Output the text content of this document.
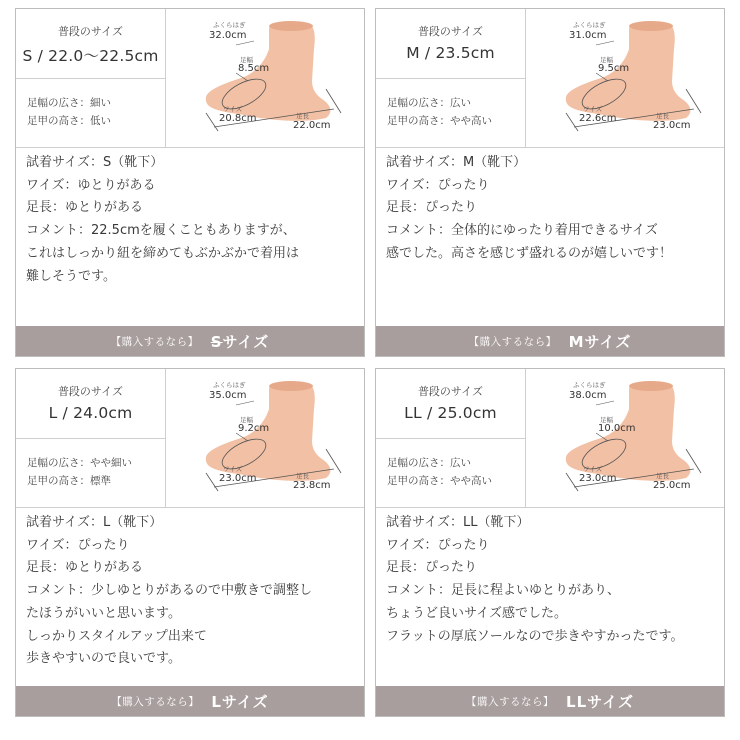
普段のサイズ
S / 22.0〜22.5cm
足幅の広さ：細い
足甲の高さ：低い
ふくらはぎ
32.0cm
足幅
8.5cm
ワイズ
20.8cm	足長
22.0cm
試着サイズ：S（靴下）
ワイズ：ゆとりがある
足長：ゆとりがある
コメント：22.5cmを履くこともありますが、
これはしっかり紐を締めてもぶかぶかで着用は
難しそうです。
【購入するなら】 Sサイズ
普段のサイズ
M / 23.5cm
足幅の広さ：広い
足甲の高さ：やや高い
ふくらはぎ
31.0cm
足幅
9.5cm
ワイズ
22.6cm	足長
23.0cm
試着サイズ：M（靴下）
ワイズ：ぴったり
足長：ぴったり
コメント：全体的にゆったり着用できるサイズ
感でした。高さを感じず盛れるのが嬉しいです！
【購入するなら】 Mサイズ
普段のサイズ
L / 24.0cm
足幅の広さ：やや細い
足甲の高さ：標準
ふくらはぎ
35.0cm
足幅
9.2cm
ワイズ
23.0cm	足長
23.8cm
試着サイズ：L（靴下）
ワイズ：ぴったり
足長：ゆとりがある
コメント：少しゆとりがあるので中敷きで調整し
たほうがいいと思います。
しっかりスタイルアップ出来て
歩きやすいので良いです。
【購入するなら】 Lサイズ
普段のサイズ
LL / 25.0cm
足幅の広さ：広い
足甲の高さ：やや高い
ふくらはぎ
38.0cm
足幅
10.0cm
ワイズ
23.0cm	足長
25.0cm
試着サイズ：LL（靴下）
ワイズ：ぴったり
足長：ぴったり
コメント：足長に程よいゆとりがあり、
ちょうど良いサイズ感でした。
フラットの厚底ソールなので歩きやすかったです。
【購入するなら】 LLサイズ
